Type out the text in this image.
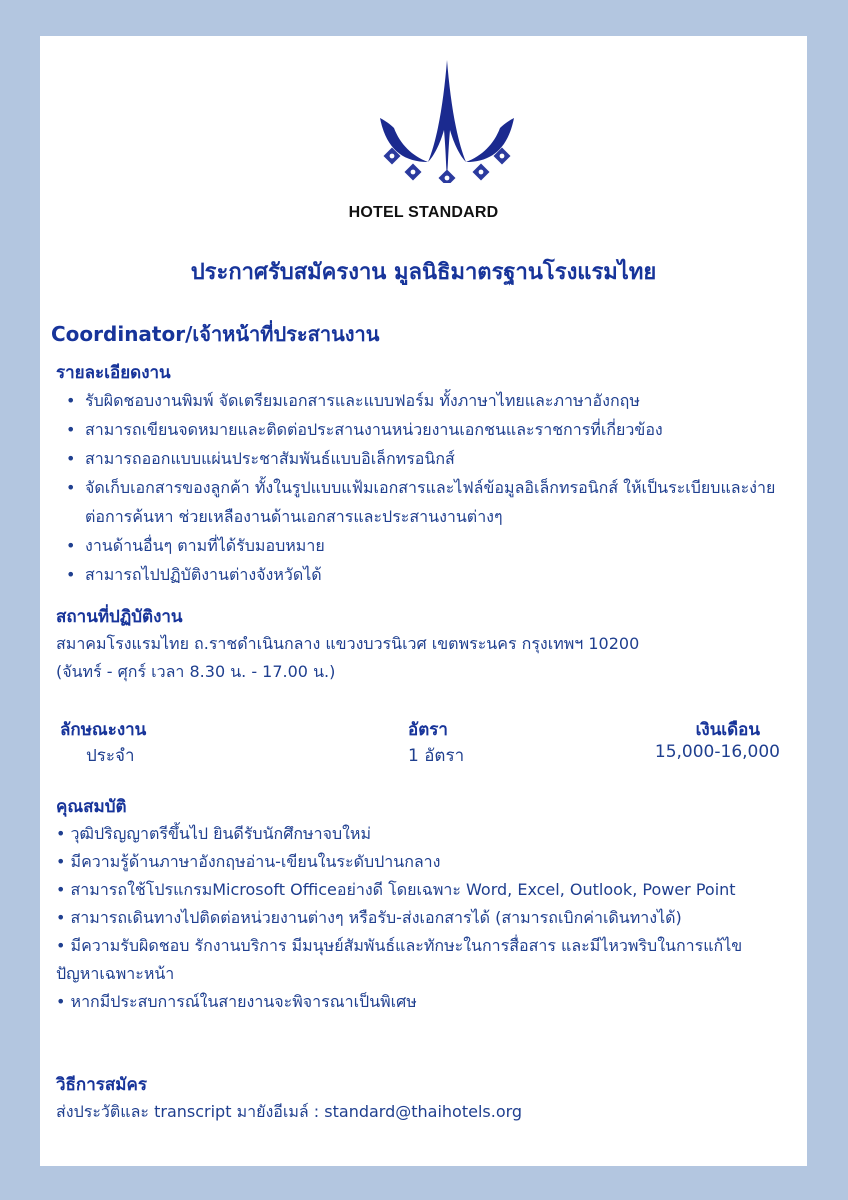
HOTEL STANDARD
ประกาศรับสมัครงาน มูลนิธิมาตรฐานโรงแรมไทย
Coordinator/เจ้าหน้าที่ประสานงาน
รายละเอียดงาน
• รับผิดชอบงานพิมพ์ จัดเตรียมเอกสารและแบบฟอร์ม ทั้งภาษาไทยและภาษาอังกฤษ
• สามารถเขียนจดหมายและติดต่อประสานงานหน่วยงานเอกชนและราชการที่เกี่ยวข้อง
• สามารถออกแบบแผ่นประชาสัมพันธ์แบบอิเล็กทรอนิกส์
• จัดเก็บเอกสารของลูกค้า ทั้งในรูปแบบแฟ้มเอกสารและไฟล์ข้อมูลอิเล็กทรอนิกส์ ให้เป็นระเบียบและง่ายต่อการค้นหา ช่วยเหลืองานด้านเอกสารและประสานงานต่างๆ
• งานด้านอื่นๆ ตามที่ได้รับมอบหมาย
• สามารถไปปฏิบัติงานต่างจังหวัดได้
สถานที่ปฏิบัติงาน
สมาคมโรงแรมไทย ถ.ราชดำเนินกลาง แขวงบวรนิเวศ เขตพระนคร กรุงเทพฯ 10200
(จันทร์ - ศุกร์ เวลา 8.30 น. - 17.00 น.)
ลักษณะงาน
ประจำ
อัตรา
1 อัตรา
เงินเดือน
15,000-16,000
คุณสมบัติ
• วุฒิปริญญาตรีขึ้นไป ยินดีรับนักศึกษาจบใหม่
• มีความรู้ด้านภาษาอังกฤษอ่าน-เขียนในระดับปานกลาง
• สามารถใช้โปรแกรมMicrosoft Officeอย่างดี โดยเฉพาะ Word, Excel, Outlook, Power Point
• สามารถเดินทางไปติดต่อหน่วยงานต่างๆ หรือรับ-ส่งเอกสารได้ (สามารถเบิกค่าเดินทางได้)
• มีความรับผิดชอบ รักงานบริการ มีมนุษย์สัมพันธ์และทักษะในการสื่อสาร และมีไหวพริบในการแก้ไขปัญหาเฉพาะหน้า
• หากมีประสบการณ์ในสายงานจะพิจารณาเป็นพิเศษ
วิธีการสมัคร
ส่งประวัติและ transcript มายังอีเมล์ : standard@thaihotels.org
